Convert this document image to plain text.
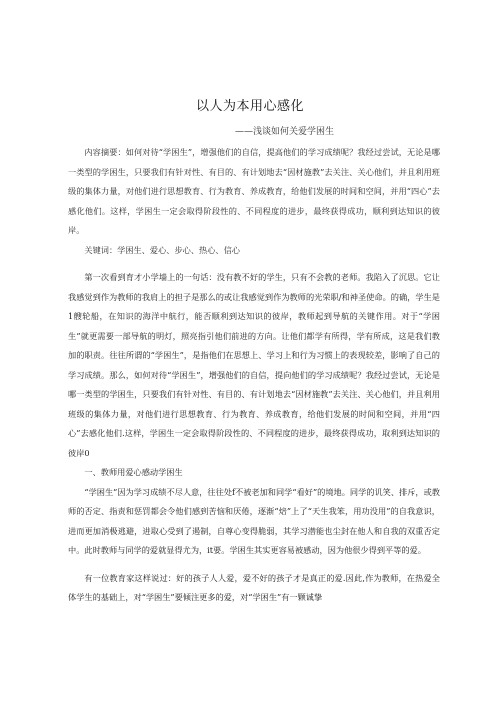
以人为本用心感化
——浅谈如何关爱学困生

内容摘要：如何对待“学困生”，增强他们的自信，提高他们的学习成绩呢？我经过尝试，无论是哪一类型的学困生，只要我们有针对性、有目的、有计划地去“因材施教”去关注、关心他们，并且利用班级的集体力量，对他们进行思想教育、行为教育、养成教育，给他们发展的时间和空间，并用“四心”去感化他们。这样，学困生一定会取得阶段性的、不同程度的进步，最终获得成功，顺利到达知识的彼岸。

关键词：学困生、爱心、步心、热心、信心

第一次看到育才小学墙上的一句话：没有教不好的学生，只有不会教的老师。我陷入了沉思。它让我感觉到作为教师的我肩上的担子是那么的或让我感觉到作为教师的光荣职/和神圣使命。的确，学生是1艘轮船，在知识的海洋中航行，能否顺利到达知识的彼岸，教师起到导航的关键作用。对于“学困生”就更需要一部导航的明灯，照亮指引他们前进的方向。让他们都学有所得，学有所成，这是我们教加的职责。往往所谓的“学困生”，是指他们在思想上、学习上和行为习惯上的表现较差，影响了自己的学习成绩。那么，如何对待“学困生”，增强他们的自信，提向他们的学习成绩呢？我经过尝试，无论是哪一类型的学困生，只要我们有针对性、有目的、有计划地去“因材施教”去关注、关心他们，并且利用班级的集体力量，对他们进行思想教育、行为教育、养成教育，给他们发展的时间和空间，并用“四心”去感化他们.这样，学困生一定会取得阶段性的、不同程度的进步，最终获得成功，取利到达知识的彼岸0

一、教师用爱心感动学困生

“学困生”因为学习成绩不尽人意，往往处f不被老加和同学“看好”的境地。同学的讥笑、排斥，或教师的否定、指责和惩罚都会令他们感到苦恼和厌倦，逐渐“焙”上了“天生我笨，用功没用”的自我意识，进而更加消极逃避，进取心受到了遏制，自尊心变得脆弱，其学习潜能也尘封在他人和自我的双重否定中。此时教师与同学的爱就显得尤为，it要。学困生其实更容易被感动，因为他很少得到平等的爱。

有一位教育家这样说过：好的孩子人人爱，爱不好的孩子才是真正的爱.因此,作为教师，在热爱全体学生的基础上，对“学困生”要倾注更多的爱，对“学困生”有一颗诚挚
